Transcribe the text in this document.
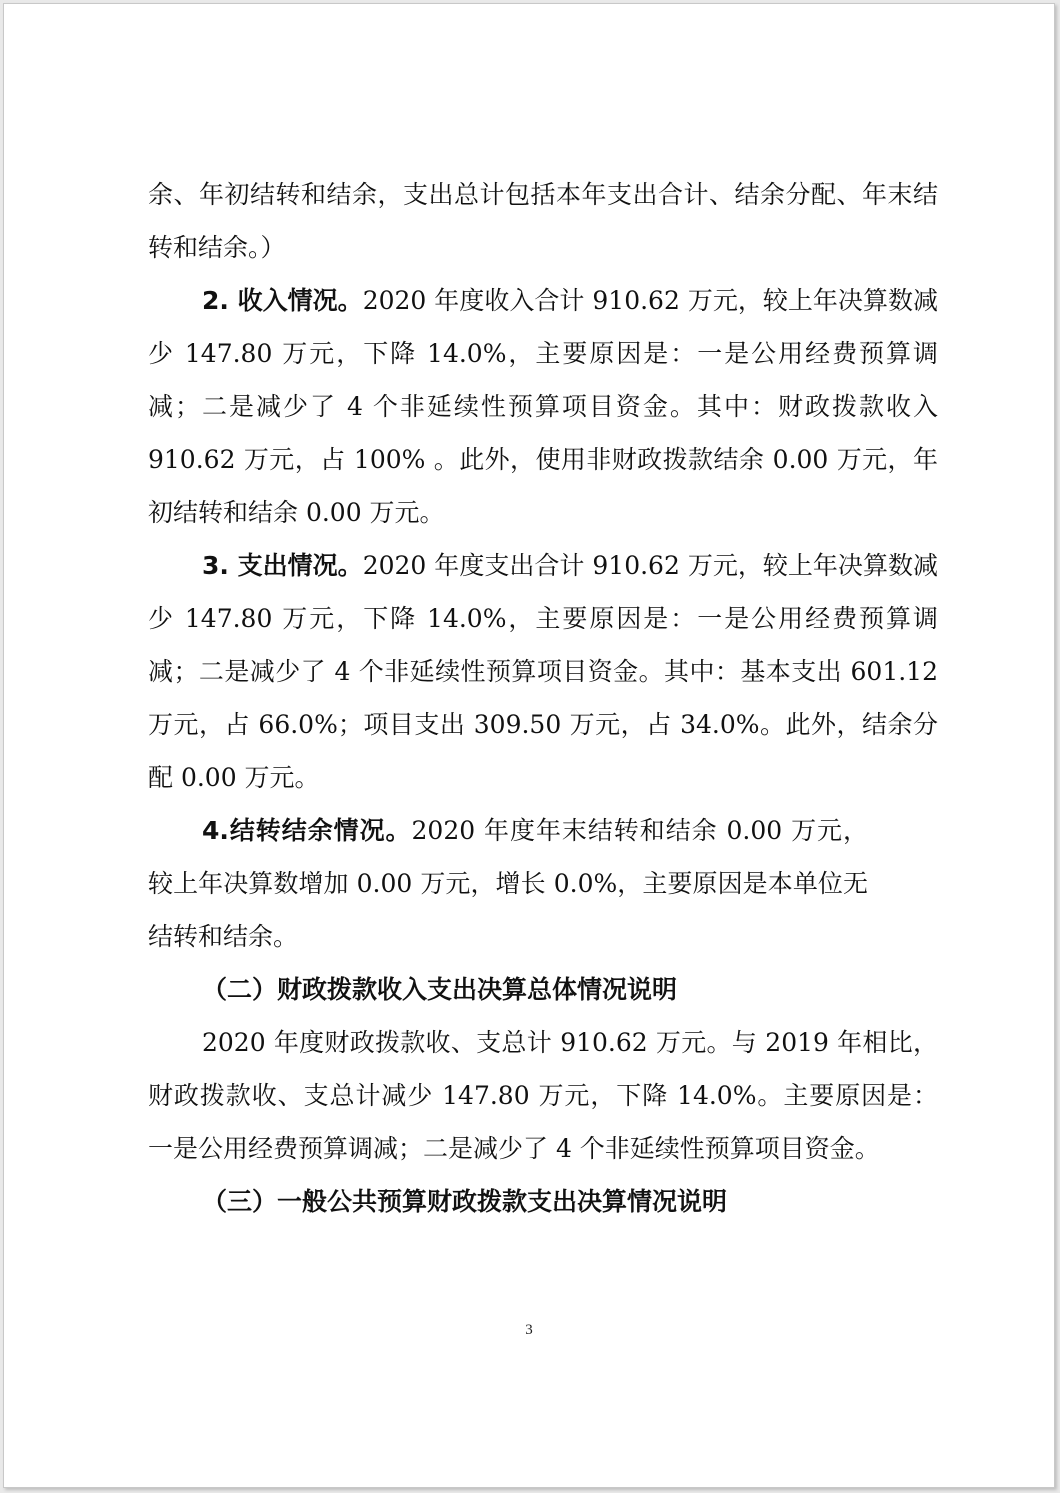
余、年初结转和结余，支出总计包括本年支出合计、结余分配、年末结转和结余。）

2. 收入情况。2020 年度收入合计 910.62 万元，较上年决算数减少 147.80 万元，下降 14.0%，主要原因是：一是公用经费预算调减；二是减少了 4 个非延续性预算项目资金。其中：财政拨款收入 910.62 万元，占 100% 。此外，使用非财政拨款结余 0.00 万元，年初结转和结余 0.00 万元。

3. 支出情况。2020 年度支出合计 910.62 万元，较上年决算数减少 147.80 万元，下降 14.0%，主要原因是：一是公用经费预算调减；二是减少了 4 个非延续性预算项目资金。其中：基本支出 601.12 万元，占 66.0%；项目支出 309.50 万元，占 34.0%。此外，结余分配 0.00 万元。

4.结转结余情况。2020 年度年末结转和结余 0.00 万元，较上年决算数增加 0.00 万元，增长 0.0%，主要原因是本单位无结转和结余。

（二）财政拨款收入支出决算总体情况说明

2020 年度财政拨款收、支总计 910.62 万元。与 2019 年相比，财政拨款收、支总计减少 147.80 万元，下降 14.0%。主要原因是：一是公用经费预算调减；二是减少了 4 个非延续性预算项目资金。

（三）一般公共预算财政拨款支出决算情况说明

3
